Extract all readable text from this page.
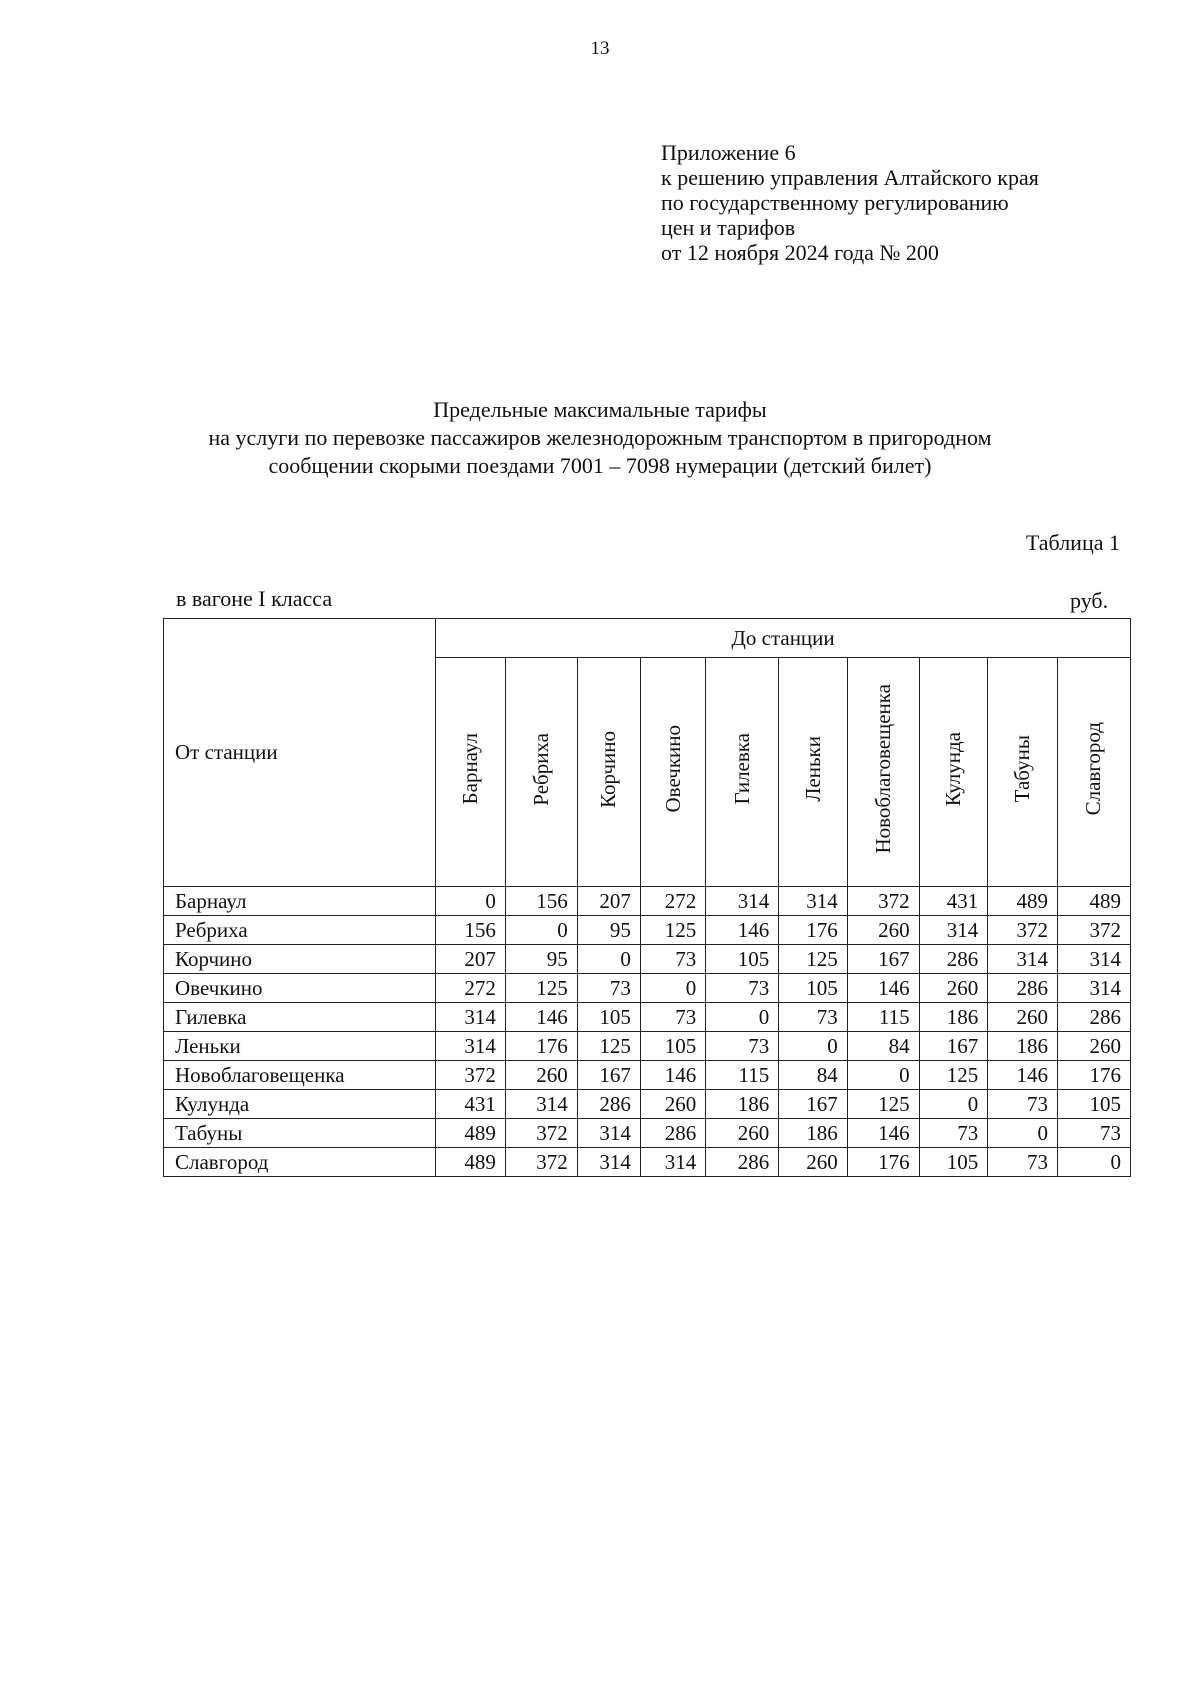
13
Приложение 6
к решению управления Алтайского края
по государственному регулированию
цен и тарифов
от 12 ноября 2024 года № 200
Предельные максимальные тарифы
на услуги по перевозке пассажиров железнодорожным транспортом в пригородном
сообщении скорыми поездами 7001 – 7098 нумерации (детский билет)
Таблица 1
в вагоне I класса	руб.
От станции	До станции									
	Барнаул	Ребриха	Корчино	Овечкино	Гилевка	Леньки	Новоблаговещенка	Кулунда	Табуны	Славгород
Барнаул	0	156	207	272	314	314	372	431	489	489
Ребриха	156	0	95	125	146	176	260	314	372	372
Корчино	207	95	0	73	105	125	167	286	314	314
Овечкино	272	125	73	0	73	105	146	260	286	314
Гилевка	314	146	105	73	0	73	115	186	260	286
Леньки	314	176	125	105	73	0	84	167	186	260
Новоблаговещенка	372	260	167	146	115	84	0	125	146	176
Кулунда	431	314	286	260	186	167	125	0	73	105
Табуны	489	372	314	286	260	186	146	73	0	73
Славгород	489	372	314	314	286	260	176	105	73	0
